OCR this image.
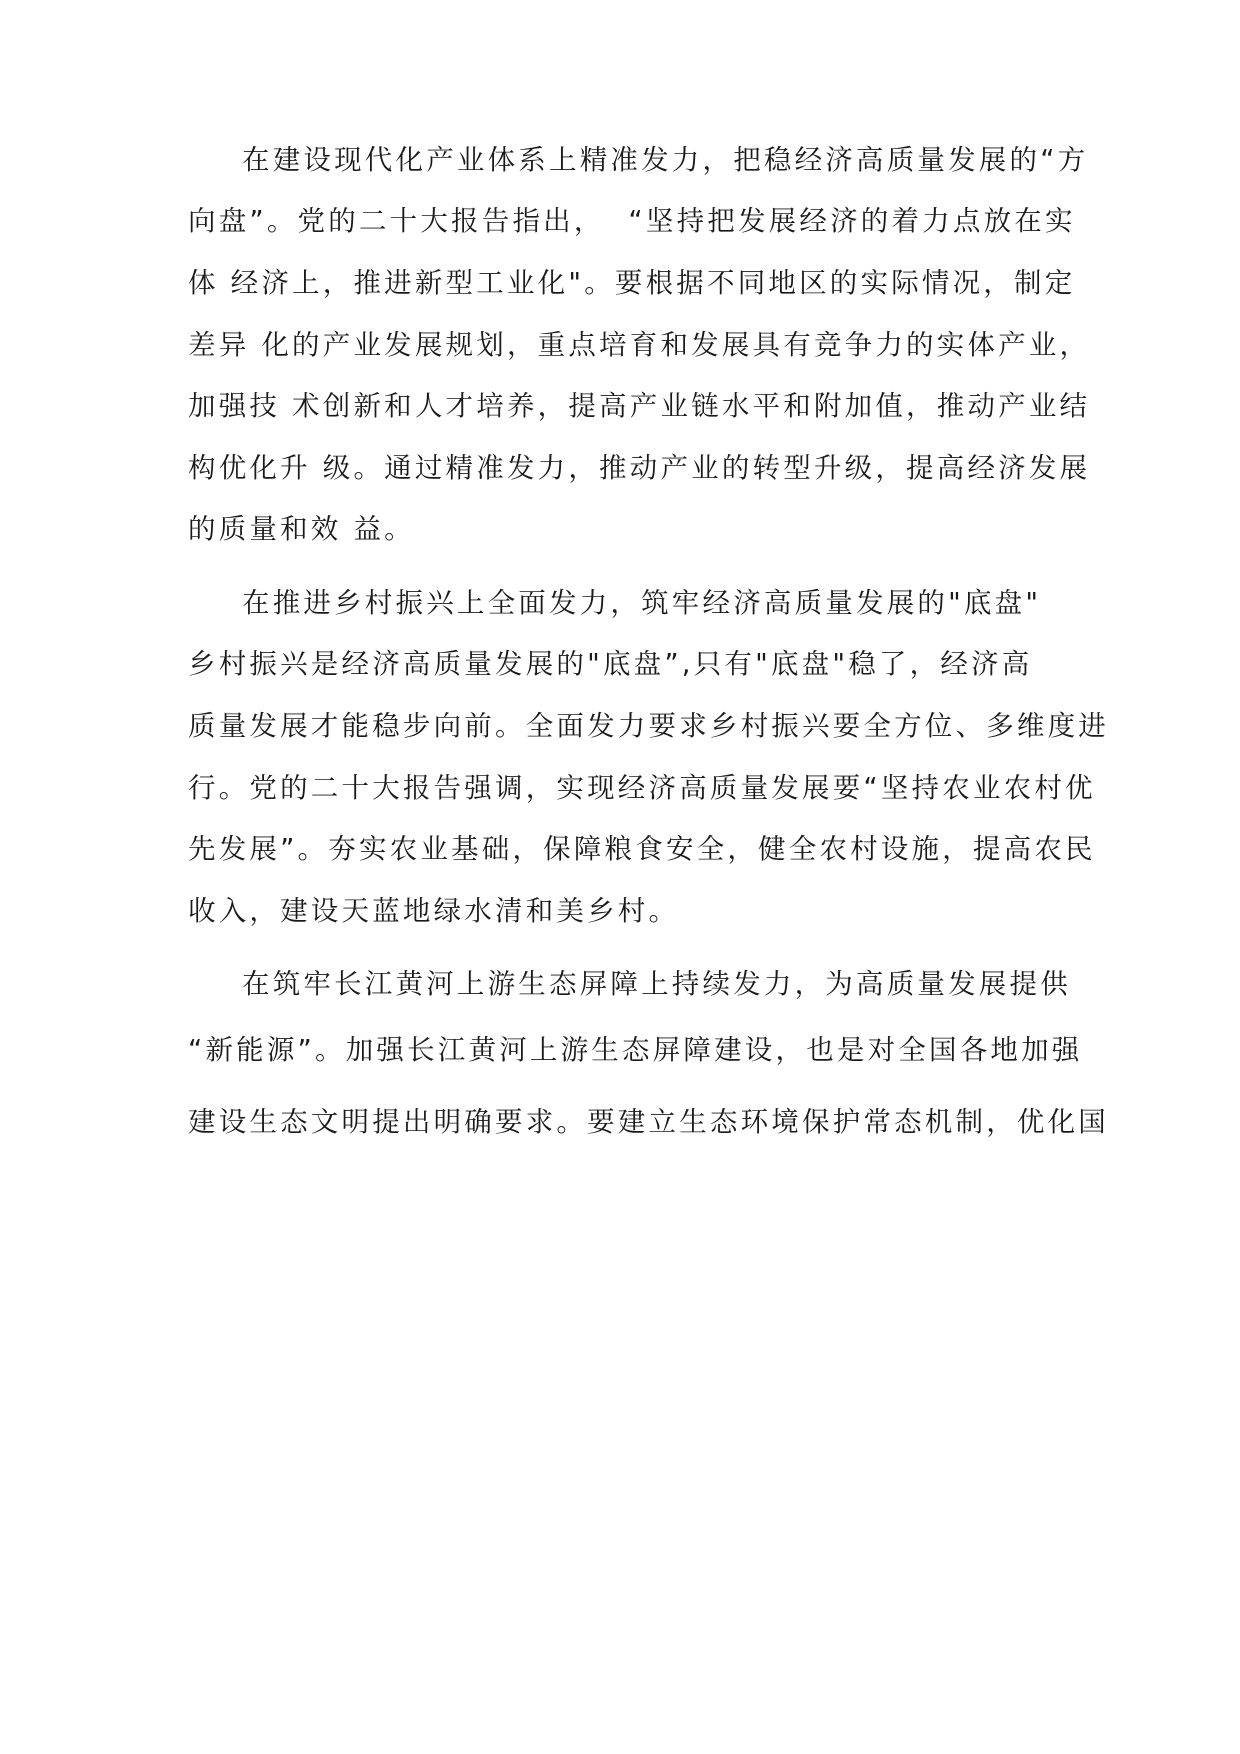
在建设现代化产业体系上精准发力，把稳经济高质量发展的“方
向盘”。党的二十大报告指出，  “坚持把发展经济的着力点放在实
体 经济上，推进新型工业化"。要根据不同地区的实际情况，制定
差异 化的产业发展规划，重点培育和发展具有竞争力的实体产业，
加强技 术创新和人才培养，提高产业链水平和附加值，推动产业结
构优化升 级。通过精准发力，推动产业的转型升级，提高经济发展
的质量和效 益。
在推进乡村振兴上全面发力，筑牢经济高质量发展的"底盘"
乡村振兴是经济高质量发展的"底盘”,只有"底盘"稳了，经济高
质量发展才能稳步向前。全面发力要求乡村振兴要全方位、多维度进
行。党的二十大报告强调，实现经济高质量发展要“坚持农业农村优
先发展”。夯实农业基础，保障粮食安全，健全农村设施，提高农民
收入，建设天蓝地绿水清和美乡村。
在筑牢长江黄河上游生态屏障上持续发力，为高质量发展提供
“新能源”。加强长江黄河上游生态屏障建设，也是对全国各地加强
建设生态文明提出明确要求。要建立生态环境保护常态机制，优化国
